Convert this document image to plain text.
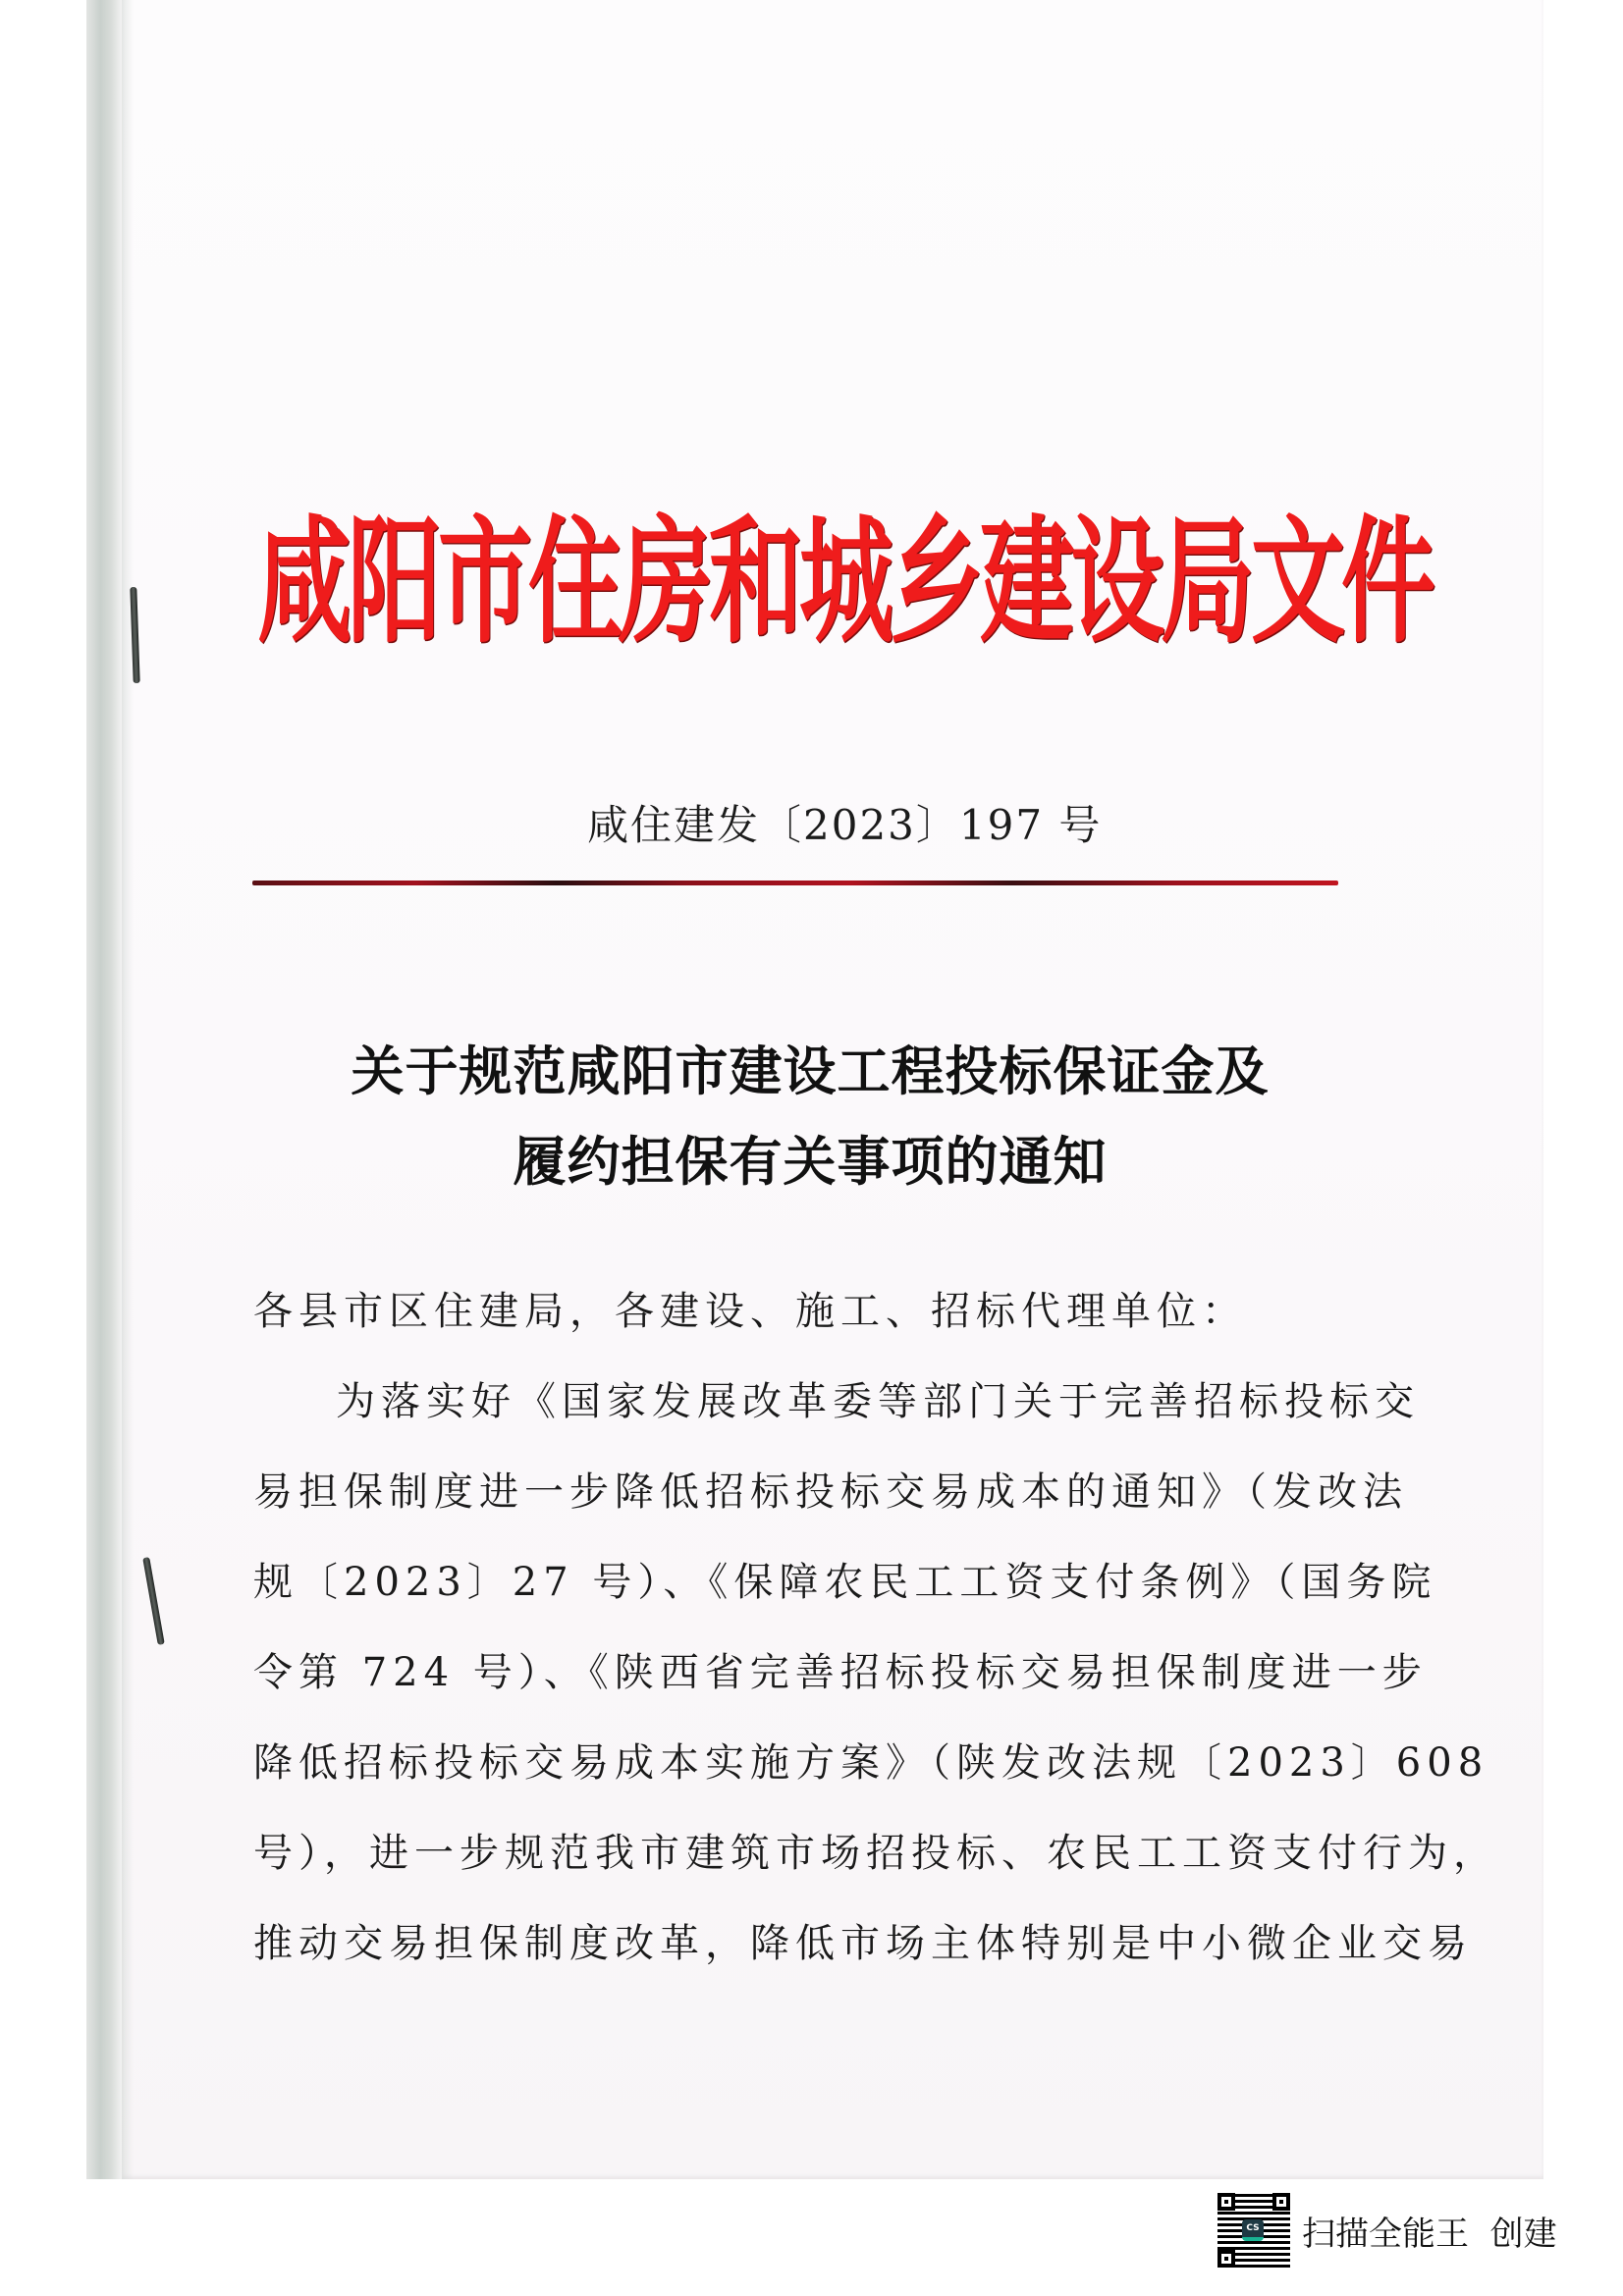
咸阳市住房和城乡建设局文件
咸住建发〔2023〕197 号
关于规范咸阳市建设工程投标保证金及
履约担保有关事项的通知
各县市区住建局，各建设、施工、招标代理单位：
为落实好《国家发展改革委等部门关于完善招标投标交
易担保制度进一步降低招标投标交易成本的通知》（发改法
规〔2023〕27 号）、《保障农民工工资支付条例》（国务院
令第 724 号）、《陕西省完善招标投标交易担保制度进一步
降低招标投标交易成本实施方案》（陕发改法规〔2023〕608
号），进一步规范我市建筑市场招投标、农民工工资支付行为，
推动交易担保制度改革，降低市场主体特别是中小微企业交易
CS 扫描全能王  创建
